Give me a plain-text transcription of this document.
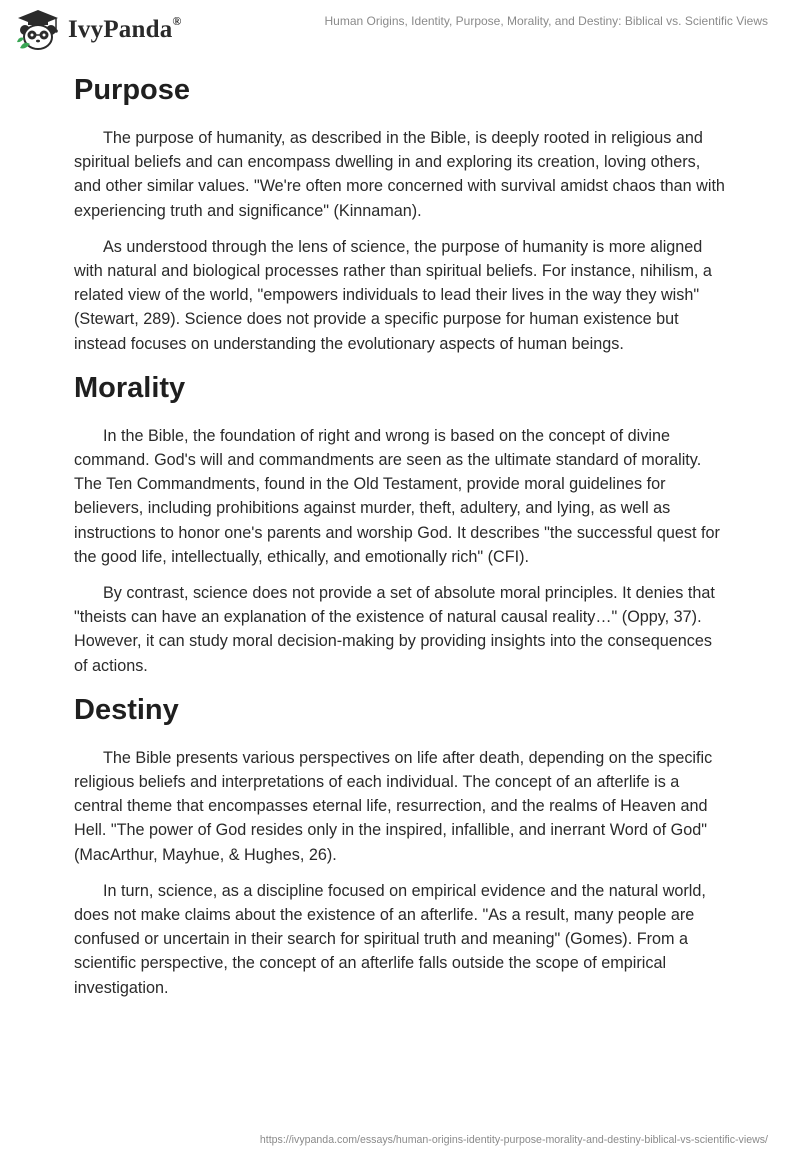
IvyPanda®	Human Origins, Identity, Purpose, Morality, and Destiny: Biblical vs. Scientific Views
Purpose

The purpose of humanity, as described in the Bible, is deeply rooted in religious and spiritual beliefs and can encompass dwelling in and exploring its creation, loving others, and other similar values. "We're often more concerned with survival amidst chaos than with experiencing truth and significance" (Kinnaman).

As understood through the lens of science, the purpose of humanity is more aligned with natural and biological processes rather than spiritual beliefs. For instance, nihilism, a related view of the world, "empowers individuals to lead their lives in the way they wish" (Stewart, 289). Science does not provide a specific purpose for human existence but instead focuses on understanding the evolutionary aspects of human beings.

Morality

In the Bible, the foundation of right and wrong is based on the concept of divine command. God's will and commandments are seen as the ultimate standard of morality. The Ten Commandments, found in the Old Testament, provide moral guidelines for believers, including prohibitions against murder, theft, adultery, and lying, as well as instructions to honor one's parents and worship God. It describes "the successful quest for the good life, intellectually, ethically, and emotionally rich" (CFI).

By contrast, science does not provide a set of absolute moral principles. It denies that "theists can have an explanation of the existence of natural causal reality…" (Oppy, 37). However, it can study moral decision-making by providing insights into the consequences of actions.

Destiny

The Bible presents various perspectives on life after death, depending on the specific religious beliefs and interpretations of each individual. The concept of an afterlife is a central theme that encompasses eternal life, resurrection, and the realms of Heaven and Hell. "The power of God resides only in the inspired, infallible, and inerrant Word of God" (MacArthur, Mayhue, & Hughes, 26).

In turn, science, as a discipline focused on empirical evidence and the natural world, does not make claims about the existence of an afterlife. "As a result, many people are confused or uncertain in their search for spiritual truth and meaning" (Gomes). From a scientific perspective, the concept of an afterlife falls outside the scope of empirical investigation.

https://ivypanda.com/essays/human-origins-identity-purpose-morality-and-destiny-biblical-vs-scientific-views/
